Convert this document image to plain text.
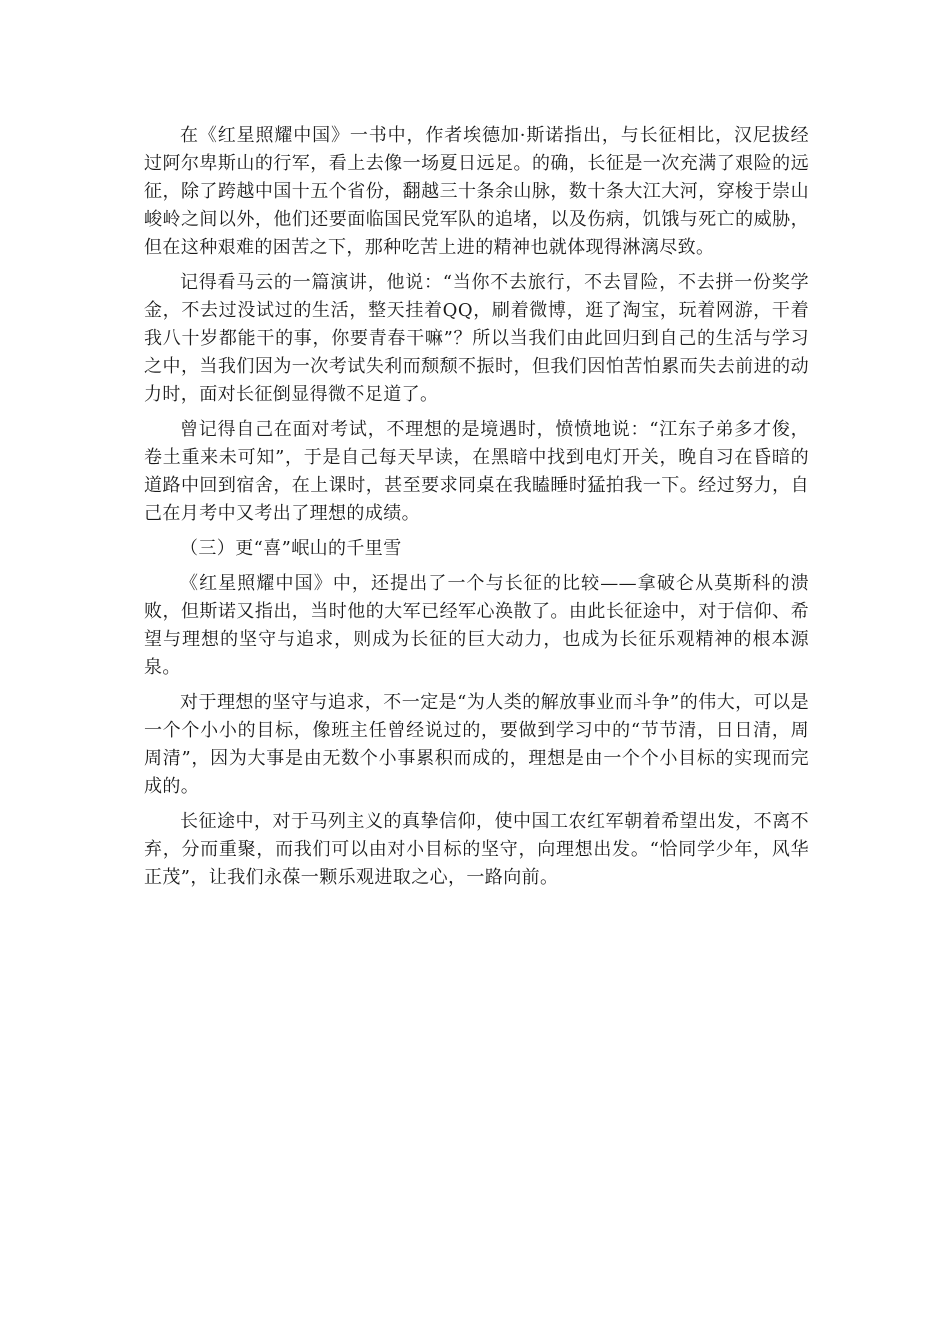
在《红星照耀中国》一书中，作者埃德加·斯诺指出，与长征相比，汉尼拔经过阿尔卑斯山的行军，看上去像一场夏日远足。的确，长征是一次充满了艰险的远征，除了跨越中国十五个省份，翻越三十条余山脉，数十条大江大河，穿梭于崇山峻岭之间以外，他们还要面临国民党军队的追堵，以及伤病，饥饿与死亡的威胁，但在这种艰难的困苦之下，那种吃苦上进的精神也就体现得淋漓尽致。

记得看马云的一篇演讲，他说：“当你不去旅行，不去冒险，不去拼一份奖学金，不去过没试过的生活，整天挂着QQ，刷着微博，逛了淘宝，玩着网游，干着我八十岁都能干的事，你要青春干嘛”？所以当我们由此回归到自己的生活与学习之中，当我们因为一次考试失利而颓颓不振时，但我们因怕苦怕累而失去前进的动力时，面对长征倒显得微不足道了。

曾记得自己在面对考试，不理想的是境遇时，愤愤地说：“江东子弟多才俊，卷土重来未可知”，于是自己每天早读，在黑暗中找到电灯开关，晚自习在昏暗的道路中回到宿舍，在上课时，甚至要求同桌在我瞌睡时猛拍我一下。经过努力，自己在月考中又考出了理想的成绩。

（三）更“喜”岷山的千里雪

《红星照耀中国》中，还提出了一个与长征的比较——拿破仑从莫斯科的溃败，但斯诺又指出，当时他的大军已经军心涣散了。由此长征途中，对于信仰、希望与理想的坚守与追求，则成为长征的巨大动力，也成为长征乐观精神的根本源泉。

对于理想的坚守与追求，不一定是“为人类的解放事业而斗争”的伟大，可以是一个个小小的目标，像班主任曾经说过的，要做到学习中的“节节清，日日清，周周清”，因为大事是由无数个小事累积而成的，理想是由一个个小目标的实现而完成的。

长征途中，对于马列主义的真挚信仰，使中国工农红军朝着希望出发，不离不弃，分而重聚，而我们可以由对小目标的坚守，向理想出发。“恰同学少年，风华正茂”，让我们永葆一颗乐观进取之心，一路向前。
